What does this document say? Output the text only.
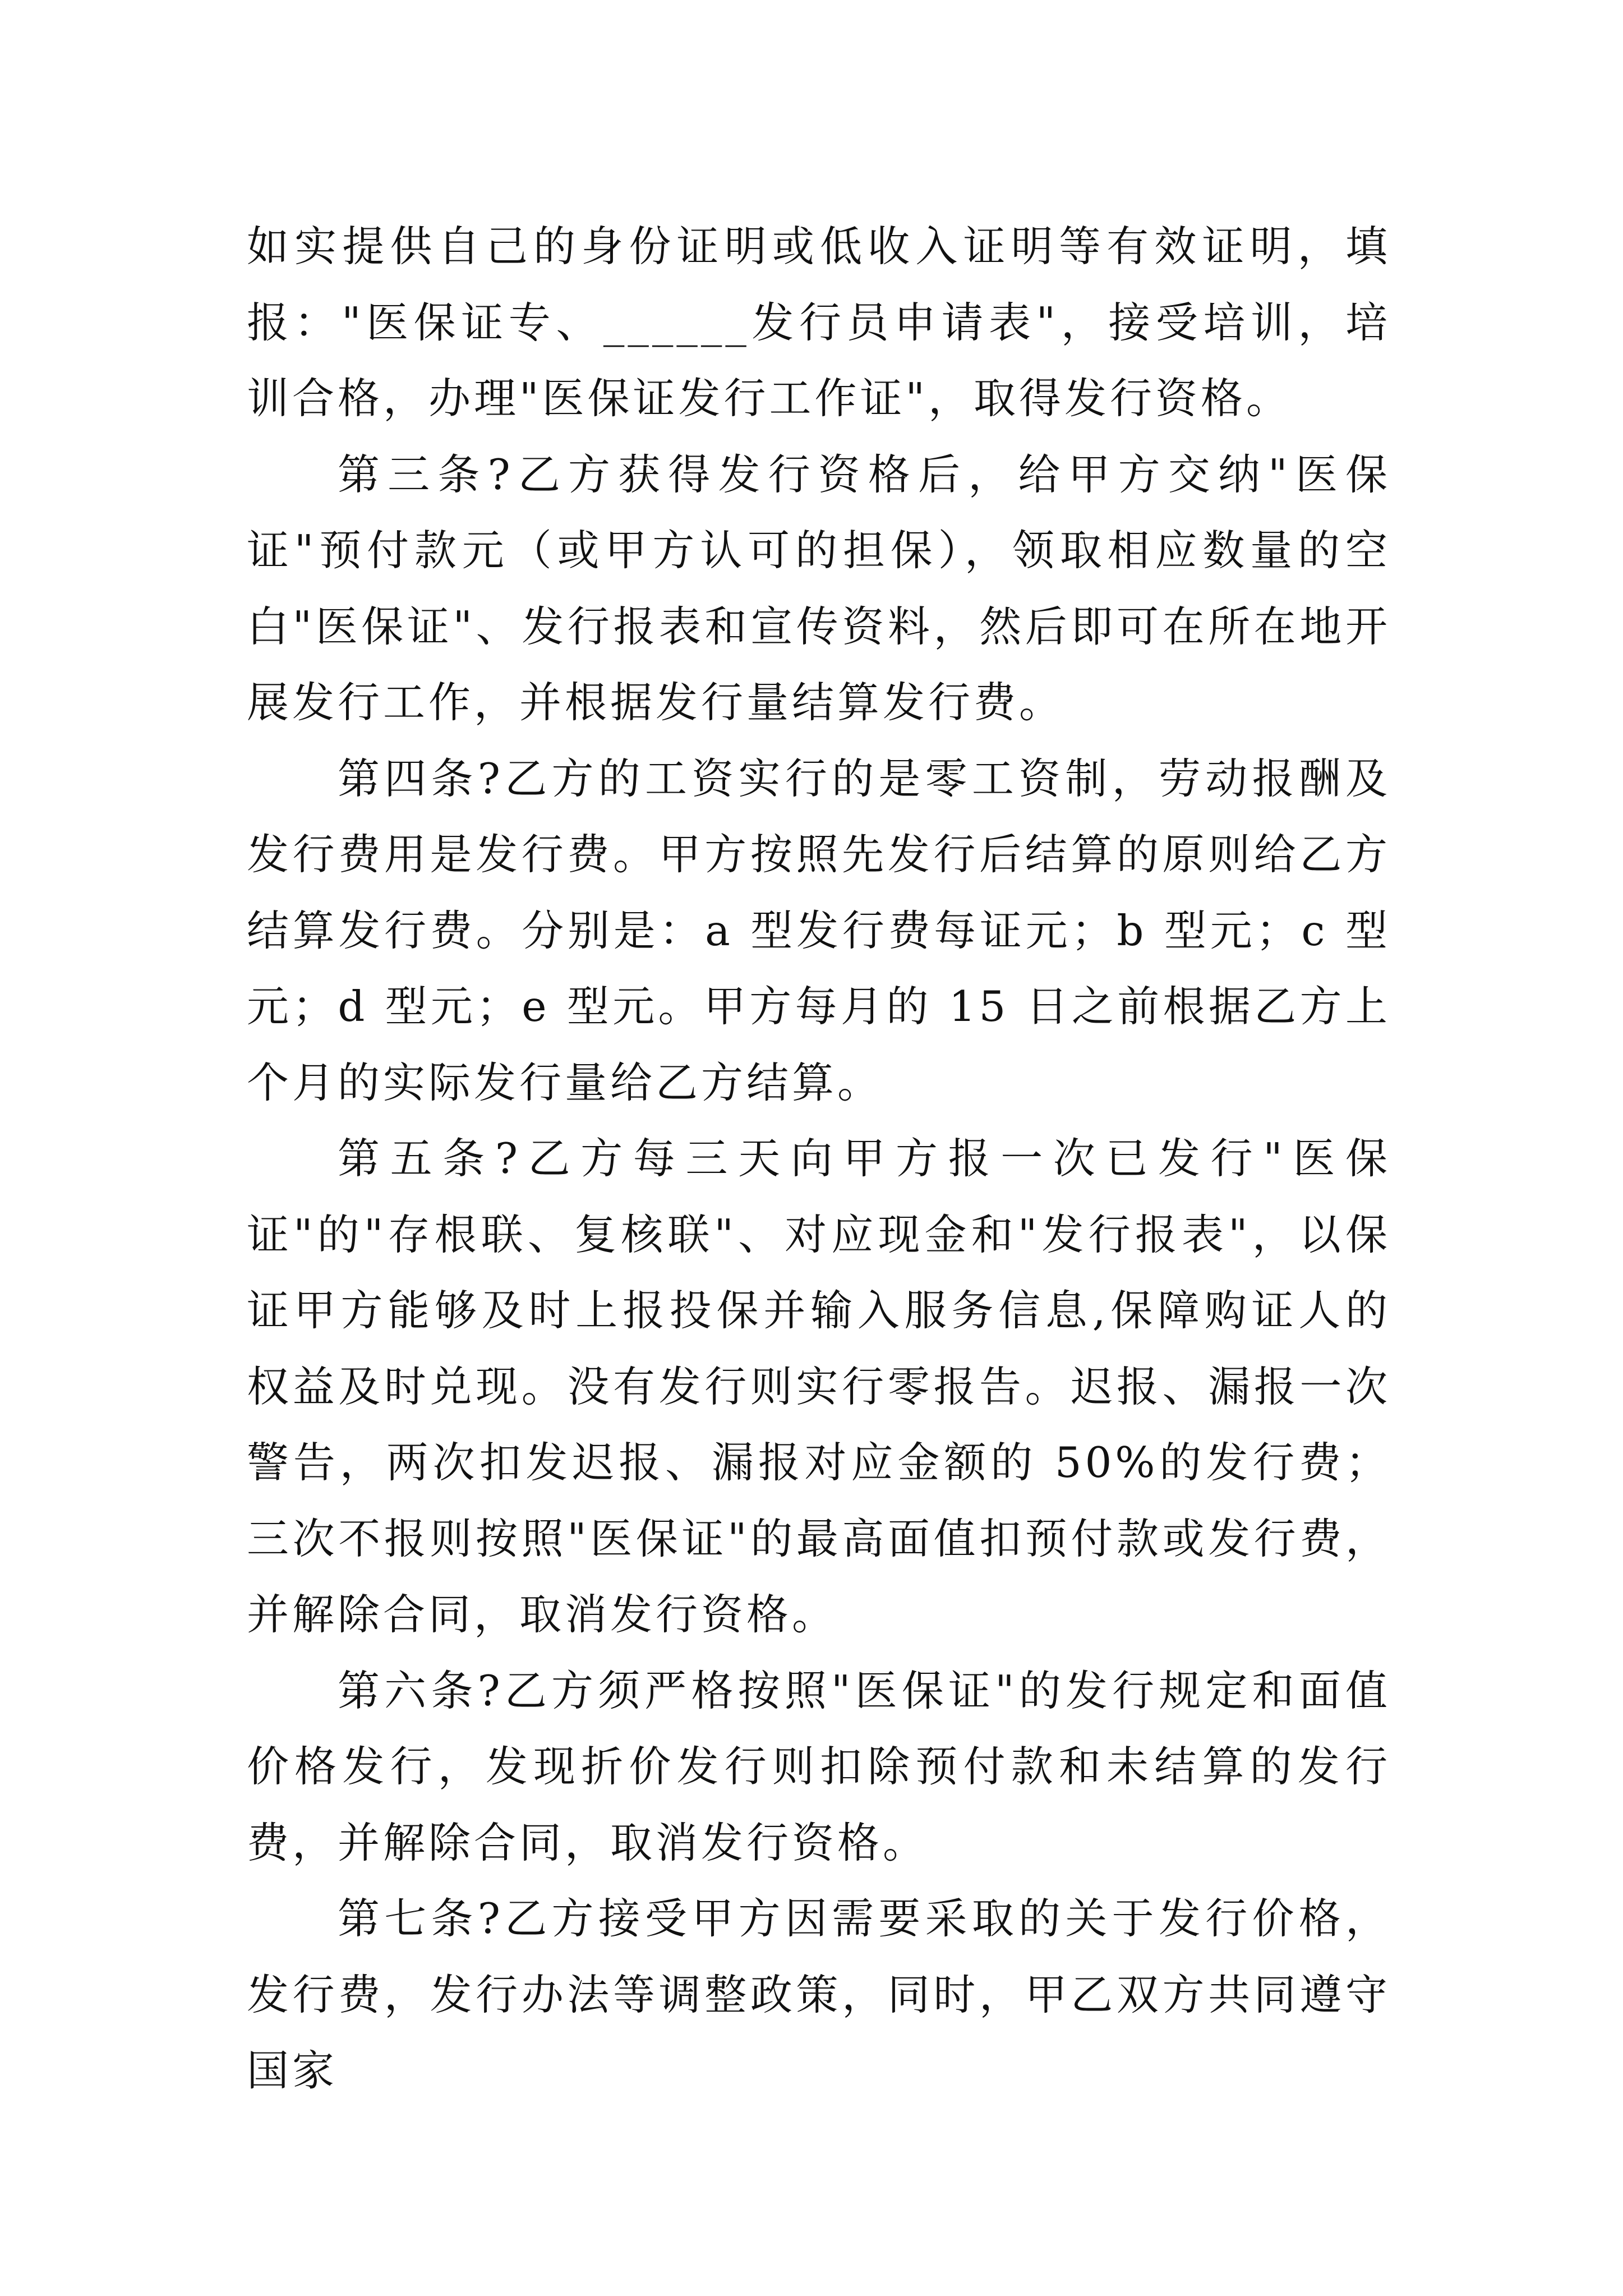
如实提供自己的身份证明或低收入证明等有效证明，填报："医保证专、______发行员申请表"，接受培训，培训合格，办理"医保证发行工作证"，取得发行资格。

第三条?乙方获得发行资格后，给甲方交纳"医保证"预付款元（或甲方认可的担保），领取相应数量的空白"医保证"、发行报表和宣传资料，然后即可在所在地开展发行工作，并根据发行量结算发行费。

第四条?乙方的工资实行的是零工资制，劳动报酬及发行费用是发行费。甲方按照先发行后结算的原则给乙方结算发行费。分别是：a 型发行费每证元；b 型元；c 型元；d 型元；e 型元。甲方每月的 15 日之前根据乙方上个月的实际发行量给乙方结算。

第五条?乙方每三天向甲方报一次已发行"医保证"的"存根联、复核联"、对应现金和"发行报表"，以保证甲方能够及时上报投保并输入服务信息,保障购证人的权益及时兑现。没有发行则实行零报告。迟报、漏报一次警告，两次扣发迟报、漏报对应金额的 50%的发行费；三次不报则按照"医保证"的最高面值扣预付款或发行费，并解除合同，取消发行资格。

第六条?乙方须严格按照"医保证"的发行规定和面值价格发行，发现折价发行则扣除预付款和未结算的发行费，并解除合同，取消发行资格。

第七条?乙方接受甲方因需要采取的关于发行价格，发行费，发行办法等调整政策，同时，甲乙双方共同遵守国家
